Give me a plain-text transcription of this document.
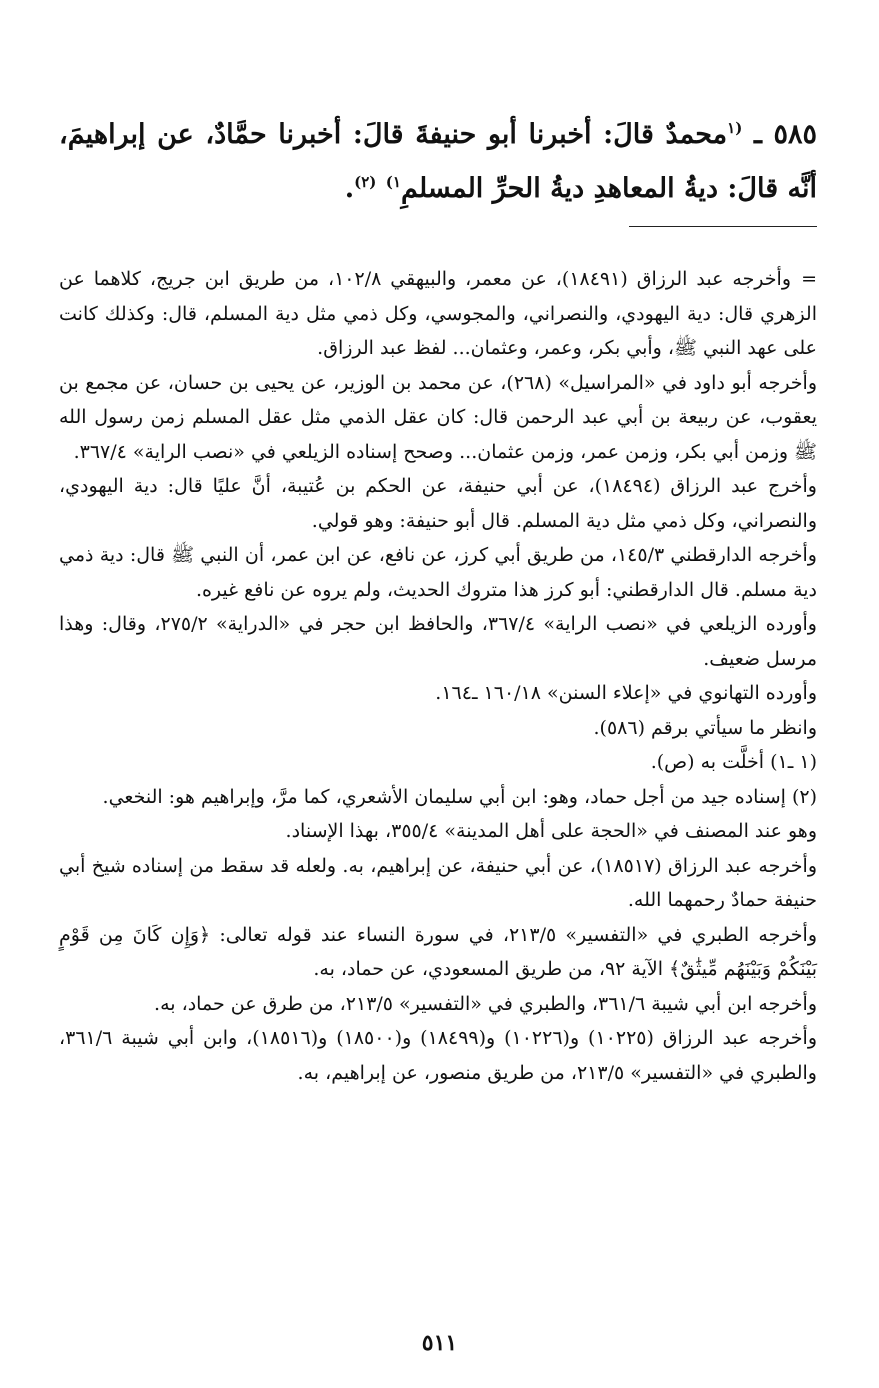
٥٨٥ ـ $^{(١}$محمدٌ قالَ: أخبرنا أبو حنيفةَ قالَ: أخبرنا حمَّادٌ، عن إبراهيمَ، أنَّه قالَ: ديةُ المعاهدِ ديةُ الحرِّ المسلمِ$^{١)}$ $^{(٢)}$.

=وأخرجه عبد الرزاق (١٨٤٩١)، عن معمر، والبيهقي ١٠٢/٨، من طريق ابن جريج، كلاهما عن الزهري قال: دية اليهودي، والنصراني، والمجوسي، وكل ذمي مثل دية المسلم، قال: وكذلك كانت على عهد النبي ﷺ، وأبي بكر، وعمر، وعثمان... لفظ عبد الرزاق.

وأخرجه أبو داود في «المراسيل» (٢٦٨)، عن محمد بن الوزير، عن يحيى بن حسان، عن مجمع بن يعقوب، عن ربيعة بن أبي عبد الرحمن قال: كان عقل الذمي مثل عقل المسلم زمن رسول الله ﷺ وزمن أبي بكر، وزمن عمر، وزمن عثمان... وصحح إسناده الزيلعي في «نصب الراية» ٣٦٧/٤.

وأخرج عبد الرزاق (١٨٤٩٤)، عن أبي حنيفة، عن الحكم بن عُتيبة، أنَّ عليًا قال: دية اليهودي، والنصراني، وكل ذمي مثل دية المسلم. قال أبو حنيفة: وهو قولي.

وأخرجه الدارقطني ١٤٥/٣، من طريق أبي كرز، عن نافع، عن ابن عمر، أن النبي ﷺ قال: دية ذمي دية مسلم. قال الدارقطني: أبو كرز هذا متروك الحديث، ولم يروه عن نافع غيره.

وأورده الزيلعي في «نصب الراية» ٣٦٧/٤، والحافظ ابن حجر في «الدراية» ٢٧٥/٢، وقال: وهذا مرسل ضعيف.

وأورده التهانوي في «إعلاء السنن» ١٦٠/١٨ ـ١٦٤.

وانظر ما سيأتي برقم (٥٨٦).

(١ ـ١) أخلَّت به (ص).

(٢) إسناده جيد من أجل حماد، وهو: ابن أبي سليمان الأشعري، كما مرَّ، وإبراهيم هو: النخعي.

وهو عند المصنف في «الحجة على أهل المدينة» ٣٥٥/٤، بهذا الإسناد.

وأخرجه عبد الرزاق (١٨٥١٧)، عن أبي حنيفة، عن إبراهيم، به. ولعله قد سقط من إسناده شيخ أبي حنيفة حمادٌ رحمهما الله.

وأخرجه الطبري في «التفسير» ٢١٣/٥، في سورة النساء عند قوله تعالى: ﴿وَإِن كَانَ مِن قَوْمٍ بَيْنَكُمْ وَبَيْنَهُم مِّيثَٰقٌ﴾ الآية ٩٢، من طريق المسعودي، عن حماد، به.

وأخرجه ابن أبي شيبة ٣٦١/٦، والطبري في «التفسير» ٢١٣/٥، من طرق عن حماد، به.

وأخرجه عبد الرزاق (١٠٢٢٥) و(١٠٢٢٦) و(١٨٤٩٩) و(١٨٥٠٠) و(١٨٥١٦)، وابن أبي شيبة ٣٦١/٦، والطبري في «التفسير» ٢١٣/٥، من طريق منصور، عن إبراهيم، به.

٥١١
